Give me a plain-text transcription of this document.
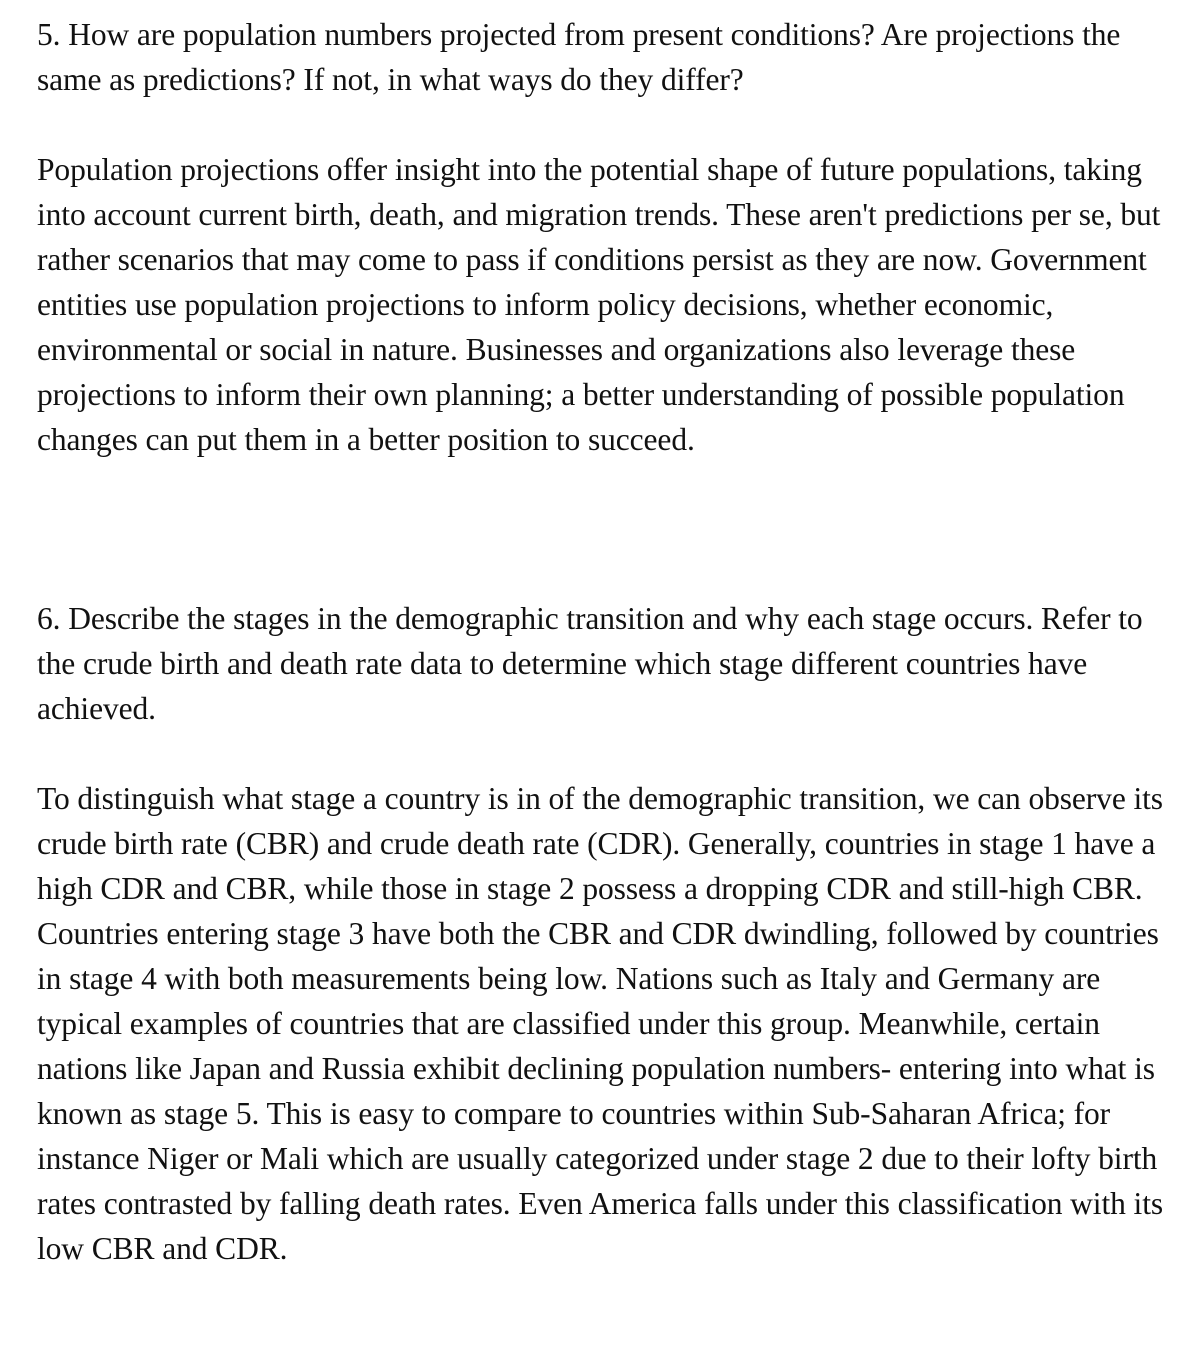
5. How are population numbers projected from present conditions? Are projections the same as predictions? If not, in what ways do they differ?

Population projections offer insight into the potential shape of future populations, taking into account current birth, death, and migration trends. These aren't predictions per se, but rather scenarios that may come to pass if conditions persist as they are now. Government entities use population projections to inform policy decisions, whether economic, environmental or social in nature. Businesses and organizations also leverage these projections to inform their own planning; a better understanding of possible population changes can put them in a better position to succeed.

6. Describe the stages in the demographic transition and why each stage occurs. Refer to the crude birth and death rate data to determine which stage different countries have achieved.

To distinguish what stage a country is in of the demographic transition, we can observe its crude birth rate (CBR) and crude death rate (CDR). Generally, countries in stage 1 have a high CDR and CBR, while those in stage 2 possess a dropping CDR and still-high CBR. Countries entering stage 3 have both the CBR and CDR dwindling, followed by countries in stage 4 with both measurements being low. Nations such as Italy and Germany are typical examples of countries that are classified under this group. Meanwhile, certain nations like Japan and Russia exhibit declining population numbers- entering into what is known as stage 5. This is easy to compare to countries within Sub-Saharan Africa; for instance Niger or Mali which are usually categorized under stage 2 due to their lofty birth rates contrasted by falling death rates. Even America falls under this classification with its low CBR and CDR.
